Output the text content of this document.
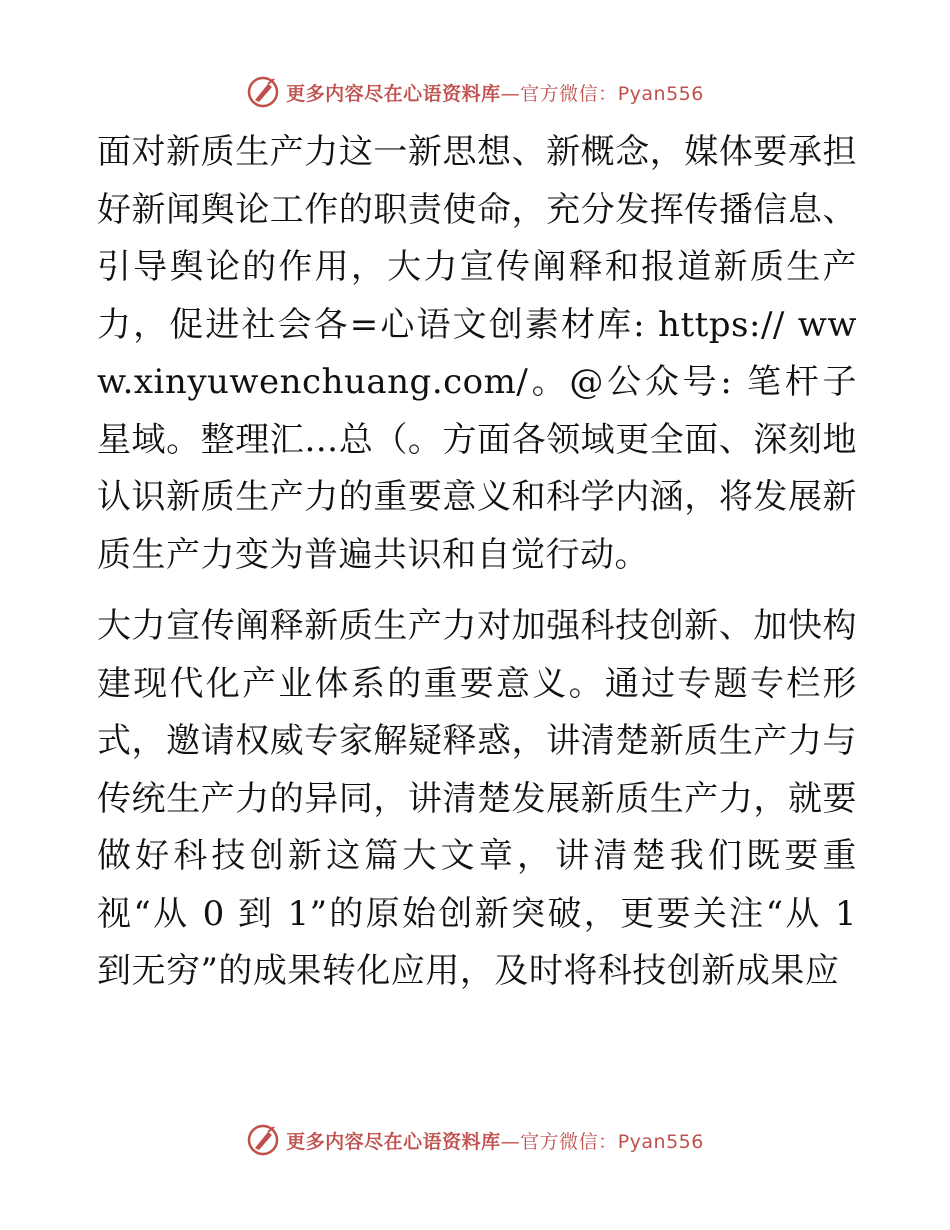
更多内容尽在心语资料库—官方微信：Pyan556

面对新质生产力这一新思想、新概念，媒体要承担好新闻舆论工作的职责使命，充分发挥传播信息、引导舆论的作用，大力宣传阐释和报道新质生产力，促进社会各=心语文创素材库: https:// www.xinyuwenchuang.com/。@公众号: 笔杆子星域。整理汇…总（。方面各领域更全面、深刻地认识新质生产力的重要意义和科学内涵，将发展新质生产力变为普遍共识和自觉行动。

大力宣传阐释新质生产力对加强科技创新、加快构建现代化产业体系的重要意义。通过专题专栏形式，邀请权威专家解疑释惑，讲清楚新质生产力与传统生产力的异同，讲清楚发展新质生产力，就要做好科技创新这篇大文章，讲清楚我们既要重视“从 0 到 1”的原始创新突破，更要关注“从 1 到无穷”的成果转化应用，及时将科技创新成果应

更多内容尽在心语资料库—官方微信：Pyan556
